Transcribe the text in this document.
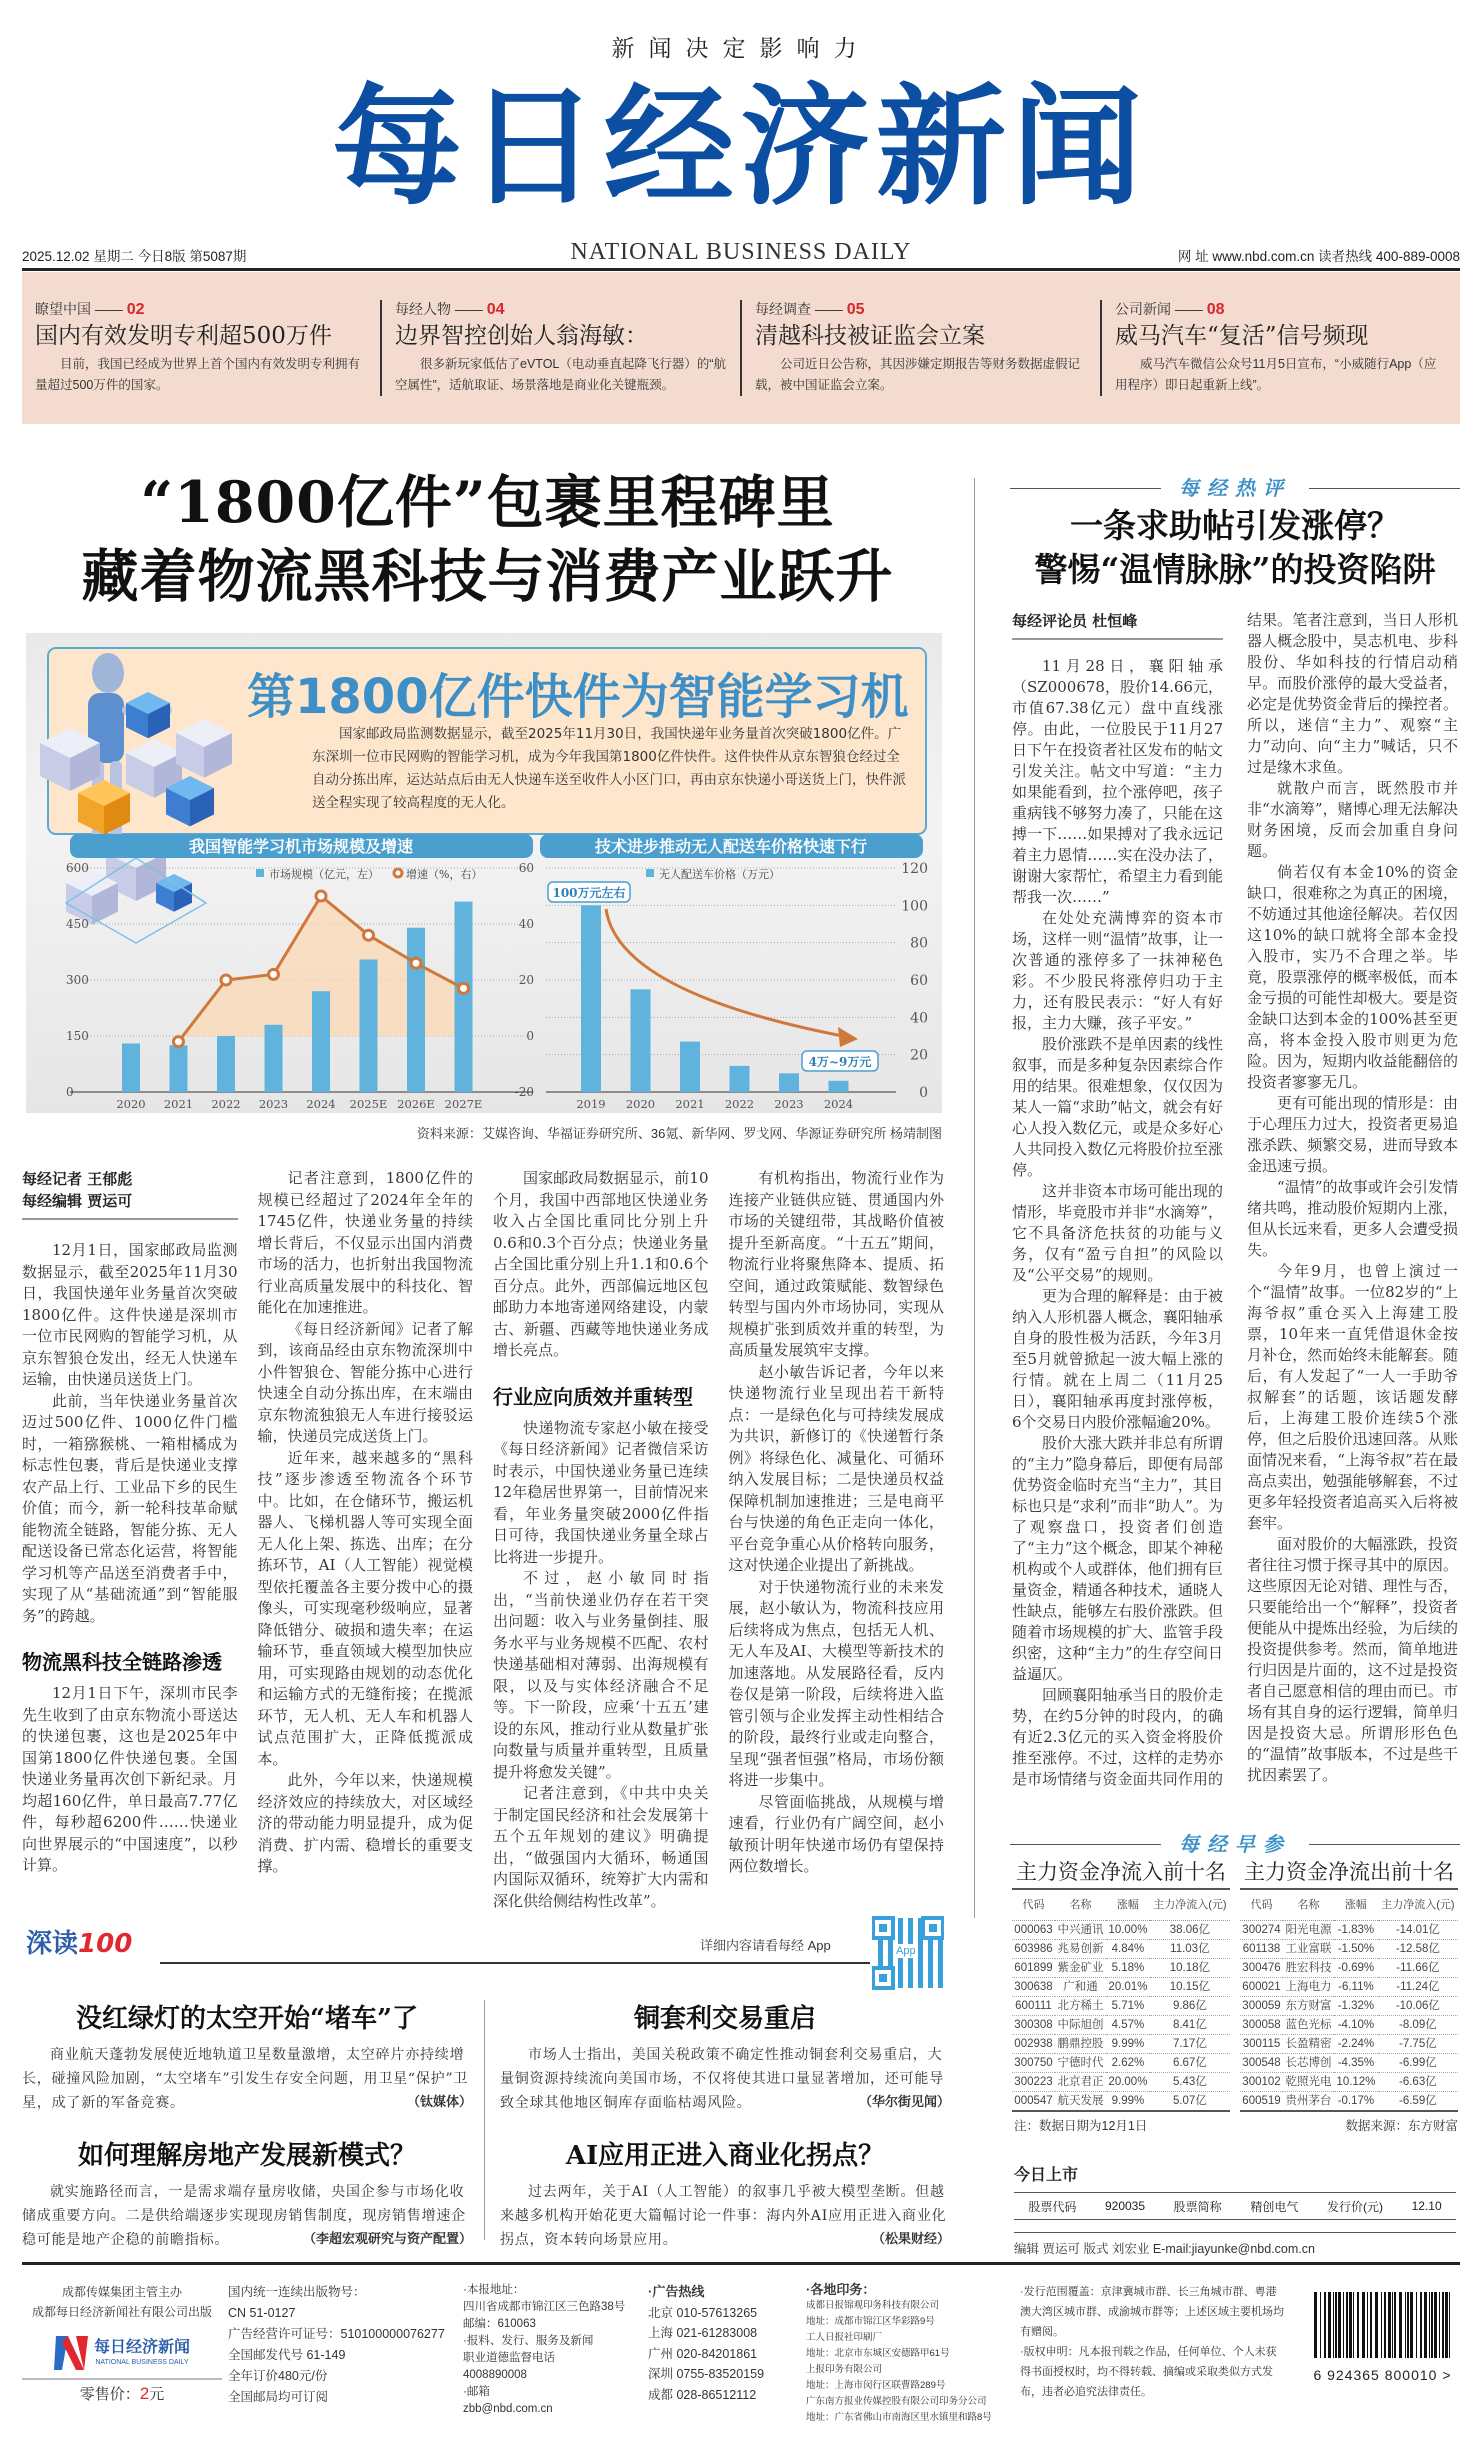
新闻决定影响力
每日经济新闻
2025.12.02 星期二 今日8版 第5087期	NATIONAL BUSINESS DAILY	网 址 www.nbd.com.cn 读者热线 400-889-0008
瞭望中国 —— 02
国内有效发明专利超500万件
目前，我国已经成为世界上首个国内有效发明专利拥有量超过500万件的国家。
每经人物 —— 04
边界智控创始人翁海敏：
很多新玩家低估了eVTOL（电动垂直起降飞行器）的“航空属性”，适航取证、场景落地是商业化关键瓶颈。
每经调查 —— 05
清越科技被证监会立案
公司近日公告称，其因涉嫌定期报告等财务数据虚假记载，被中国证监会立案。
公司新闻 —— 08
威马汽车“复活”信号频现
威马汽车微信公众号11月5日宣布，“小威随行App（应用程序）即日起重新上线”。
“1800亿件”包裹里程碑里
藏着物流黑科技与消费产业跃升
第1800亿件快件为智能学习机
国家邮政局监测数据显示，截至2025年11月30日，我国快递年业务量首次突破1800亿件。广东深圳一位市民网购的智能学习机，成为今年我国第1800亿件快件。这件快件从京东智狼仓经过全自动分拣出库，运达站点后由无人快递车送至收件人小区门口，再由京东快递小哥送货上门，快件派送全程实现了较高程度的无人化。
我国智能学习机市场规模及增速	技术进步推动无人配送车价格快速下行
市场规模（亿元，左） 增速（%，右）	无人配送车价格（万元）
0
150
300
450
600
-20
0
20
40
60
2020 2021 2022 2023 2024 2025E 2026E 2027E
0
20
40
60
80
100
120
2019 2020 2021 2022 2023 2024
100万元左右
4万~9万元
资料来源：艾媒咨询、华福证券研究所、36氪、新华网、罗戈网、华源证券研究所 杨靖制图
每经记者 王郁彪
每经编辑 贾运可

12月1日，国家邮政局监测数据显示，截至2025年11月30日，我国快递年业务量首次突破1800亿件。这件快递是深圳市一位市民网购的智能学习机，从京东智狼仓发出，经无人快递车运输，由快递员送货上门。

此前，当年快递业务量首次迈过500亿件、1000亿件门槛时，一箱猕猴桃、一箱柑橘成为标志性包裹，背后是快递业支撑农产品上行、工业品下乡的民生价值；而今，新一轮科技革命赋能物流全链路，智能分拣、无人配送设备已常态化运营，将智能学习机等产品送至消费者手中，实现了从“基础流通”到“智能服务”的跨越。

物流黑科技全链路渗透

12月1日下午，深圳市民李先生收到了由京东物流小哥送达的快递包裹，这也是2025年中国第1800亿件快递包裹。全国快递业务量再次创下新纪录。月均超160亿件，单日最高7.77亿件，每秒超6200件……快递业向世界展示的“中国速度”，以秒计算。

记者注意到，1800亿件的规模已经超过了2024年全年的1745亿件，快递业务量的持续增长背后，不仅显示出国内消费市场的活力，也折射出我国物流行业高质量发展中的科技化、智能化在加速推进。

《每日经济新闻》记者了解到，该商品经由京东物流深圳中小件智狼仓、智能分拣中心进行快速全自动分拣出库，在末端由京东物流独狼无人车进行接驳运输，快递员完成送货上门。

近年来，越来越多的“黑科技”逐步渗透至物流各个环节中。比如，在仓储环节，搬运机器人、飞梯机器人等可实现全面无人化上架、拣选、出库；在分拣环节，AI（人工智能）视觉模型依托覆盖各主要分拨中心的摄像头，可实现毫秒级响应，显著降低错分、破损和遗失率；在运输环节，垂直领域大模型加快应用，可实现路由规划的动态优化和运输方式的无缝衔接；在揽派环节，无人机、无人车和机器人试点范围扩大，正降低揽派成本。

此外，今年以来，快递规模经济效应的持续放大，对区域经济的带动能力明显提升，成为促消费、扩内需、稳增长的重要支撑。

国家邮政局数据显示，前10个月，我国中西部地区快递业务收入占全国比重同比分别上升0.6和0.3个百分点；快递业务量占全国比重分别上升1.1和0.6个百分点。此外，西部偏远地区包邮助力本地寄递网络建设，内蒙古、新疆、西藏等地快递业务成增长亮点。

行业应向质效并重转型

快递物流专家赵小敏在接受《每日经济新闻》记者微信采访时表示，中国快递业务量已连续12年稳居世界第一，目前情况来看，年业务量突破2000亿件指日可待，我国快递业务量全球占比将进一步提升。

不过，赵小敏同时指出，“当前快递业仍存在若干突出问题：收入与业务量倒挂、服务水平与业务规模不匹配、农村快递基础相对薄弱、出海规模有限，以及与实体经济融合不足等。下一阶段，应乘‘十五五’建设的东风，推动行业从数量扩张向数量与质量并重转型，且质量提升将愈发关键”。

记者注意到，《中共中央关于制定国民经济和社会发展第十五个五年规划的建议》明确提出，“做强国内大循环，畅通国内国际双循环，统筹扩大内需和深化供给侧结构性改革”。

有机构指出，物流行业作为连接产业链供应链、贯通国内外市场的关键纽带，其战略价值被提升至新高度。“十五五”期间，物流行业将聚焦降本、提质、拓空间，通过政策赋能、数智绿色转型与国内外市场协同，实现从规模扩张到质效并重的转型，为高质量发展筑牢支撑。

赵小敏告诉记者，今年以来快递物流行业呈现出若干新特点：一是绿色化与可持续发展成为共识，新修订的《快递暂行条例》将绿色化、减量化、可循环纳入发展目标；二是快递员权益保障机制加速推进；三是电商平台与快递的角色正走向一体化，平台竞争重心从价格转向服务，这对快递企业提出了新挑战。

对于快递物流行业的未来发展，赵小敏认为，物流科技应用后续将成为焦点，包括无人机、无人车及AI、大模型等新技术的加速落地。从发展路径看，反内卷仅是第一阶段，后续将进入监管引领与企业发挥主动性相结合的阶段，最终行业或走向整合，呈现“强者恒强”格局，市场份额将进一步集中。

尽管面临挑战，从规模与增速看，行业仍有广阔空间，赵小敏预计明年快递市场仍有望保持两位数增长。

每经热评
一条求助帖引发涨停？
警惕“温情脉脉”的投资陷阱
每经评论员 杜恒峰

11月28日，襄阳轴承（SZ000678，股价14.66元，市值67.38亿元）盘中直线涨停。由此，一位股民于11月27日下午在投资者社区发布的帖文引发关注。帖文中写道：“主力如果能看到，拉个涨停吧，孩子重病钱不够努力凑了，只能在这搏一下……如果搏对了我永远记着主力恩情……实在没办法了，谢谢大家帮忙，希望主力看到能帮我一次……”

在处处充满博弈的资本市场，这样一则“温情”故事，让一次普通的涨停多了一抹神秘色彩。不少股民将涨停归功于主力，还有股民表示：“好人有好报，主力大赚，孩子平安。”

股价涨跌不是单因素的线性叙事，而是多种复杂因素综合作用的结果。很难想象，仅仅因为某人一篇“求助”帖文，就会有好心人投入数亿元，或是众多好心人共同投入数亿元将股价拉至涨停。

这并非资本市场可能出现的情形，毕竟股市并非“水滴筹”，它不具备济危扶贫的功能与义务，仅有“盈亏自担”的风险以及“公平交易”的规则。

更为合理的解释是：由于被纳入人形机器人概念，襄阳轴承自身的股性极为活跃，今年3月至5月就曾掀起一波大幅上涨的行情。就在上周二（11月25日），襄阳轴承再度封涨停板，6个交易日内股价涨幅逾20%。

股价大涨大跌并非总有所谓的“主力”隐身幕后，即便有局部优势资金临时充当“主力”，其目标也只是“求利”而非“助人”。为了观察盘口，投资者们创造了“主力”这个概念，即某个神秘机构或个人或群体，他们拥有巨量资金，精通各种技术，通晓人性缺点，能够左右股价涨跌。但随着市场规模的扩大、监管手段织密，这种“主力”的生存空间日益逼仄。

回顾襄阳轴承当日的股价走势，在约5分钟的时段内，的确有近2.3亿元的买入资金将股价推至涨停。不过，这样的走势亦是市场情绪与资金面共同作用的结果。笔者注意到，当日人形机器人概念股中，昊志机电、步科股份、华如科技的行情启动稍早。而股价涨停的最大受益者，必定是优势资金背后的操控者。所以，迷信“主力”、观察“主力”动向、向“主力”喊话，只不过是缘木求鱼。

就散户而言，既然股市并非“水滴筹”，赌博心理无法解决财务困境，反而会加重自身问题。

倘若仅有本金10%的资金缺口，很难称之为真正的困境，不妨通过其他途径解决。若仅因这10%的缺口就将全部本金投入股市，实乃不合理之举。毕竟，股票涨停的概率极低，而本金亏损的可能性却极大。要是资金缺口达到本金的100%甚至更高，将本金投入股市则更为危险。因为，短期内收益能翻倍的投资者寥寥无几。

更有可能出现的情形是：由于心理压力过大，投资者更易追涨杀跌、频繁交易，进而导致本金迅速亏损。

“温情”的故事或许会引发情绪共鸣，推动股价短期内上涨，但从长远来看，更多人会遭受损失。

今年9月，也曾上演过一个“温情”故事。一位82岁的“上海爷叔”重仓买入上海建工股票，10年来一直凭借退休金按月补仓，然而始终未能解套。随后，有人发起了“一人一手助爷叔解套”的话题，该话题发酵后，上海建工股价连续5个涨停，但之后股价迅速回落。从账面情况来看，“上海爷叔”若在最高点卖出，勉强能够解套，不过更多年轻投资者追高买入后将被套牢。

面对股价的大幅涨跌，投资者往往习惯于探寻其中的原因。这些原因无论对错、理性与否，只要能给出一个“解释”，投资者便能从中提炼出经验，为后续的投资提供参考。然而，简单地进行归因是片面的，这不过是投资者自己愿意相信的理由而已。市场有其自身的运行逻辑，简单归因是投资大忌。所谓形形色色的“温情”故事版本，不过是些干扰因素罢了。

每经早参
主力资金净流入前十名
代码	名称	涨幅	主力净流入(元)
000063	中兴通讯	10.00%	38.06亿
603986	兆易创新	4.84%	11.03亿
601899	紫金矿业	5.18%	10.18亿
300638	广和通	20.01%	10.15亿
600111	北方稀土	5.71%	9.86亿
300308	中际旭创	4.57%	8.41亿
002938	鹏鼎控股	9.99%	7.17亿
300750	宁德时代	2.62%	6.67亿
300223	北京君正	20.00%	5.43亿
000547	航天发展	9.99%	5.07亿
主力资金净流出前十名
代码	名称	涨幅	主力净流入(元)
300274	阳光电源	-1.83%	-14.01亿
601138	工业富联	-1.50%	-12.58亿
300476	胜宏科技	-0.69%	-11.66亿
600021	上海电力	-6.11%	-11.24亿
300059	东方财富	-1.32%	-10.06亿
300058	蓝色光标	-4.10%	-8.09亿
300115	长盈精密	-2.24%	-7.75亿
300548	长芯博创	-4.35%	-6.99亿
300102	乾照光电	10.12%	-6.63亿
600519	贵州茅台	-0.17%	-6.59亿
注：数据日期为12月1日	数据来源：东方财富
今日上市
股票代码 920035 股票简称 精创电气 发行价(元) 12.10
编辑 贾运可 版式 刘宏业 E-mail:jiayunke@nbd.com.cn
深读100	详细内容请看每经 App	App
没红绿灯的太空开始“堵车”了
商业航天蓬勃发展使近地轨道卫星数量激增，太空碎片亦持续增长，碰撞风险加剧，“太空堵车”引发生存安全问题，用卫星“保护”卫星，成了新的军备竞赛。	（钛媒体）
铜套利交易重启
市场人士指出，美国关税政策不确定性推动铜套利交易重启，大量铜资源持续流向美国市场，不仅将使其进口量显著增加，还可能导致全球其他地区铜库存面临枯竭风险。	（华尔街见闻）
如何理解房地产发展新模式？
就实施路径而言，一是需求端存量房收储，央国企参与市场化收储成重要方向。二是供给端逐步实现现房销售制度，现房销售增速企稳可能是地产企稳的前瞻指标。	（李超宏观研究与资产配置）
AI应用正进入商业化拐点？
过去两年，关于AI（人工智能）的叙事几乎被大模型垄断。但越来越多机构开始花更大篇幅讨论一件事：海内外AI应用正进入商业化拐点，资本转向场景应用。	（松果财经）
成都传媒集团主管主办
成都每日经济新闻社有限公司出版
每日经济新闻
NATIONAL BUSINESS DAILY
零售价：2元
国内统一连续出版物号：
CN 51-0127
广告经营许可证号：510100000076277
全国邮发代号 61-149
全年订价480元/份
全国邮局均可订阅
·本报地址：
四川省成都市锦江区三色路38号
邮编：610063
·报料、发行、服务及新闻
职业道德监督电话
4008890008
·邮箱
zbb@nbd.com.cn
·广告热线
北京 010-57613265
上海 021-61283008
广州 020-84201861
深圳 0755-83520159
成都 028-86512112
·各地印务：
成都日报锦观印务科技有限公司
地址：成都市锦江区华彩路9号
工人日报社印刷厂
地址：北京市东城区安德路甲61号
上报印务有限公司
地址：上海市闵行区联曹路289号
广东南方报业传媒控股有限公司印务分公司
地址：广东省佛山市南海区里水镇里和路8号
·发行范围覆盖：京津冀城市群、长三角城市群、粤港澳大湾区城市群、成渝城市群等；上述区域主要机场均有赠阅。
·版权申明：凡本报刊载之作品，任何单位、个人未获得书面授权时，均不得转载、摘编或采取类似方式发布，违者必追究法律责任。
6 924365 800010 >
